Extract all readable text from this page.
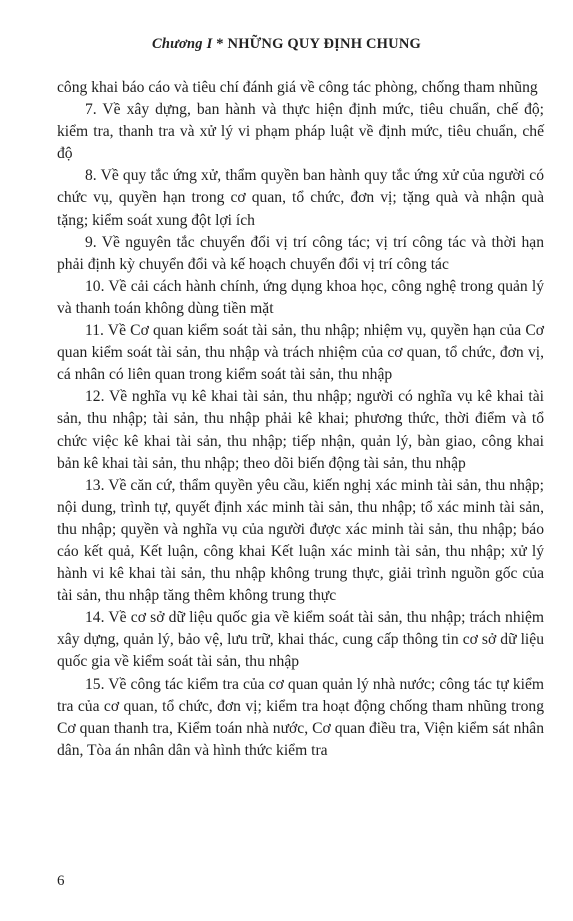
Chương I * NHỮNG QUY ĐỊNH CHUNG

công khai báo cáo và tiêu chí đánh giá về công tác phòng, chống tham nhũng

7. Về xây dựng, ban hành và thực hiện định mức, tiêu chuẩn, chế độ; kiểm tra, thanh tra và xử lý vi phạm pháp luật về định mức, tiêu chuẩn, chế độ

8. Về quy tắc ứng xử, thẩm quyền ban hành quy tắc ứng xử của người có chức vụ, quyền hạn trong cơ quan, tổ chức, đơn vị; tặng quà và nhận quà tặng; kiểm soát xung đột lợi ích

9. Về nguyên tắc chuyển đổi vị trí công tác; vị trí công tác và thời hạn phải định kỳ chuyển đổi và kế hoạch chuyển đổi vị trí công tác

10. Về cải cách hành chính, ứng dụng khoa học, công nghệ trong quản lý và thanh toán không dùng tiền mặt

11. Về Cơ quan kiểm soát tài sản, thu nhập; nhiệm vụ, quyền hạn của Cơ quan kiểm soát tài sản, thu nhập và trách nhiệm của cơ quan, tổ chức, đơn vị, cá nhân có liên quan trong kiểm soát tài sản, thu nhập

12. Về nghĩa vụ kê khai tài sản, thu nhập; người có nghĩa vụ kê khai tài sản, thu nhập; tài sản, thu nhập phải kê khai; phương thức, thời điểm và tổ chức việc kê khai tài sản, thu nhập; tiếp nhận, quản lý, bàn giao, công khai bản kê khai tài sản, thu nhập; theo dõi biến động tài sản, thu nhập

13. Về căn cứ, thẩm quyền yêu cầu, kiến nghị xác minh tài sản, thu nhập; nội dung, trình tự, quyết định xác minh tài sản, thu nhập; tổ xác minh tài sản, thu nhập; quyền và nghĩa vụ của người được xác minh tài sản, thu nhập; báo cáo kết quả, Kết luận, công khai Kết luận xác minh tài sản, thu nhập; xử lý hành vi kê khai tài sản, thu nhập không trung thực, giải trình nguồn gốc của tài sản, thu nhập tăng thêm không trung thực

14. Về cơ sở dữ liệu quốc gia về kiểm soát tài sản, thu nhập; trách nhiệm xây dựng, quản lý, bảo vệ, lưu trữ, khai thác, cung cấp thông tin cơ sở dữ liệu quốc gia về kiểm soát tài sản, thu nhập

15. Về công tác kiểm tra của cơ quan quản lý nhà nước; công tác tự kiểm tra của cơ quan, tổ chức, đơn vị; kiểm tra hoạt động chống tham nhũng trong Cơ quan thanh tra, Kiểm toán nhà nước, Cơ quan điều tra, Viện kiểm sát nhân dân, Tòa án nhân dân và hình thức kiểm tra

6
